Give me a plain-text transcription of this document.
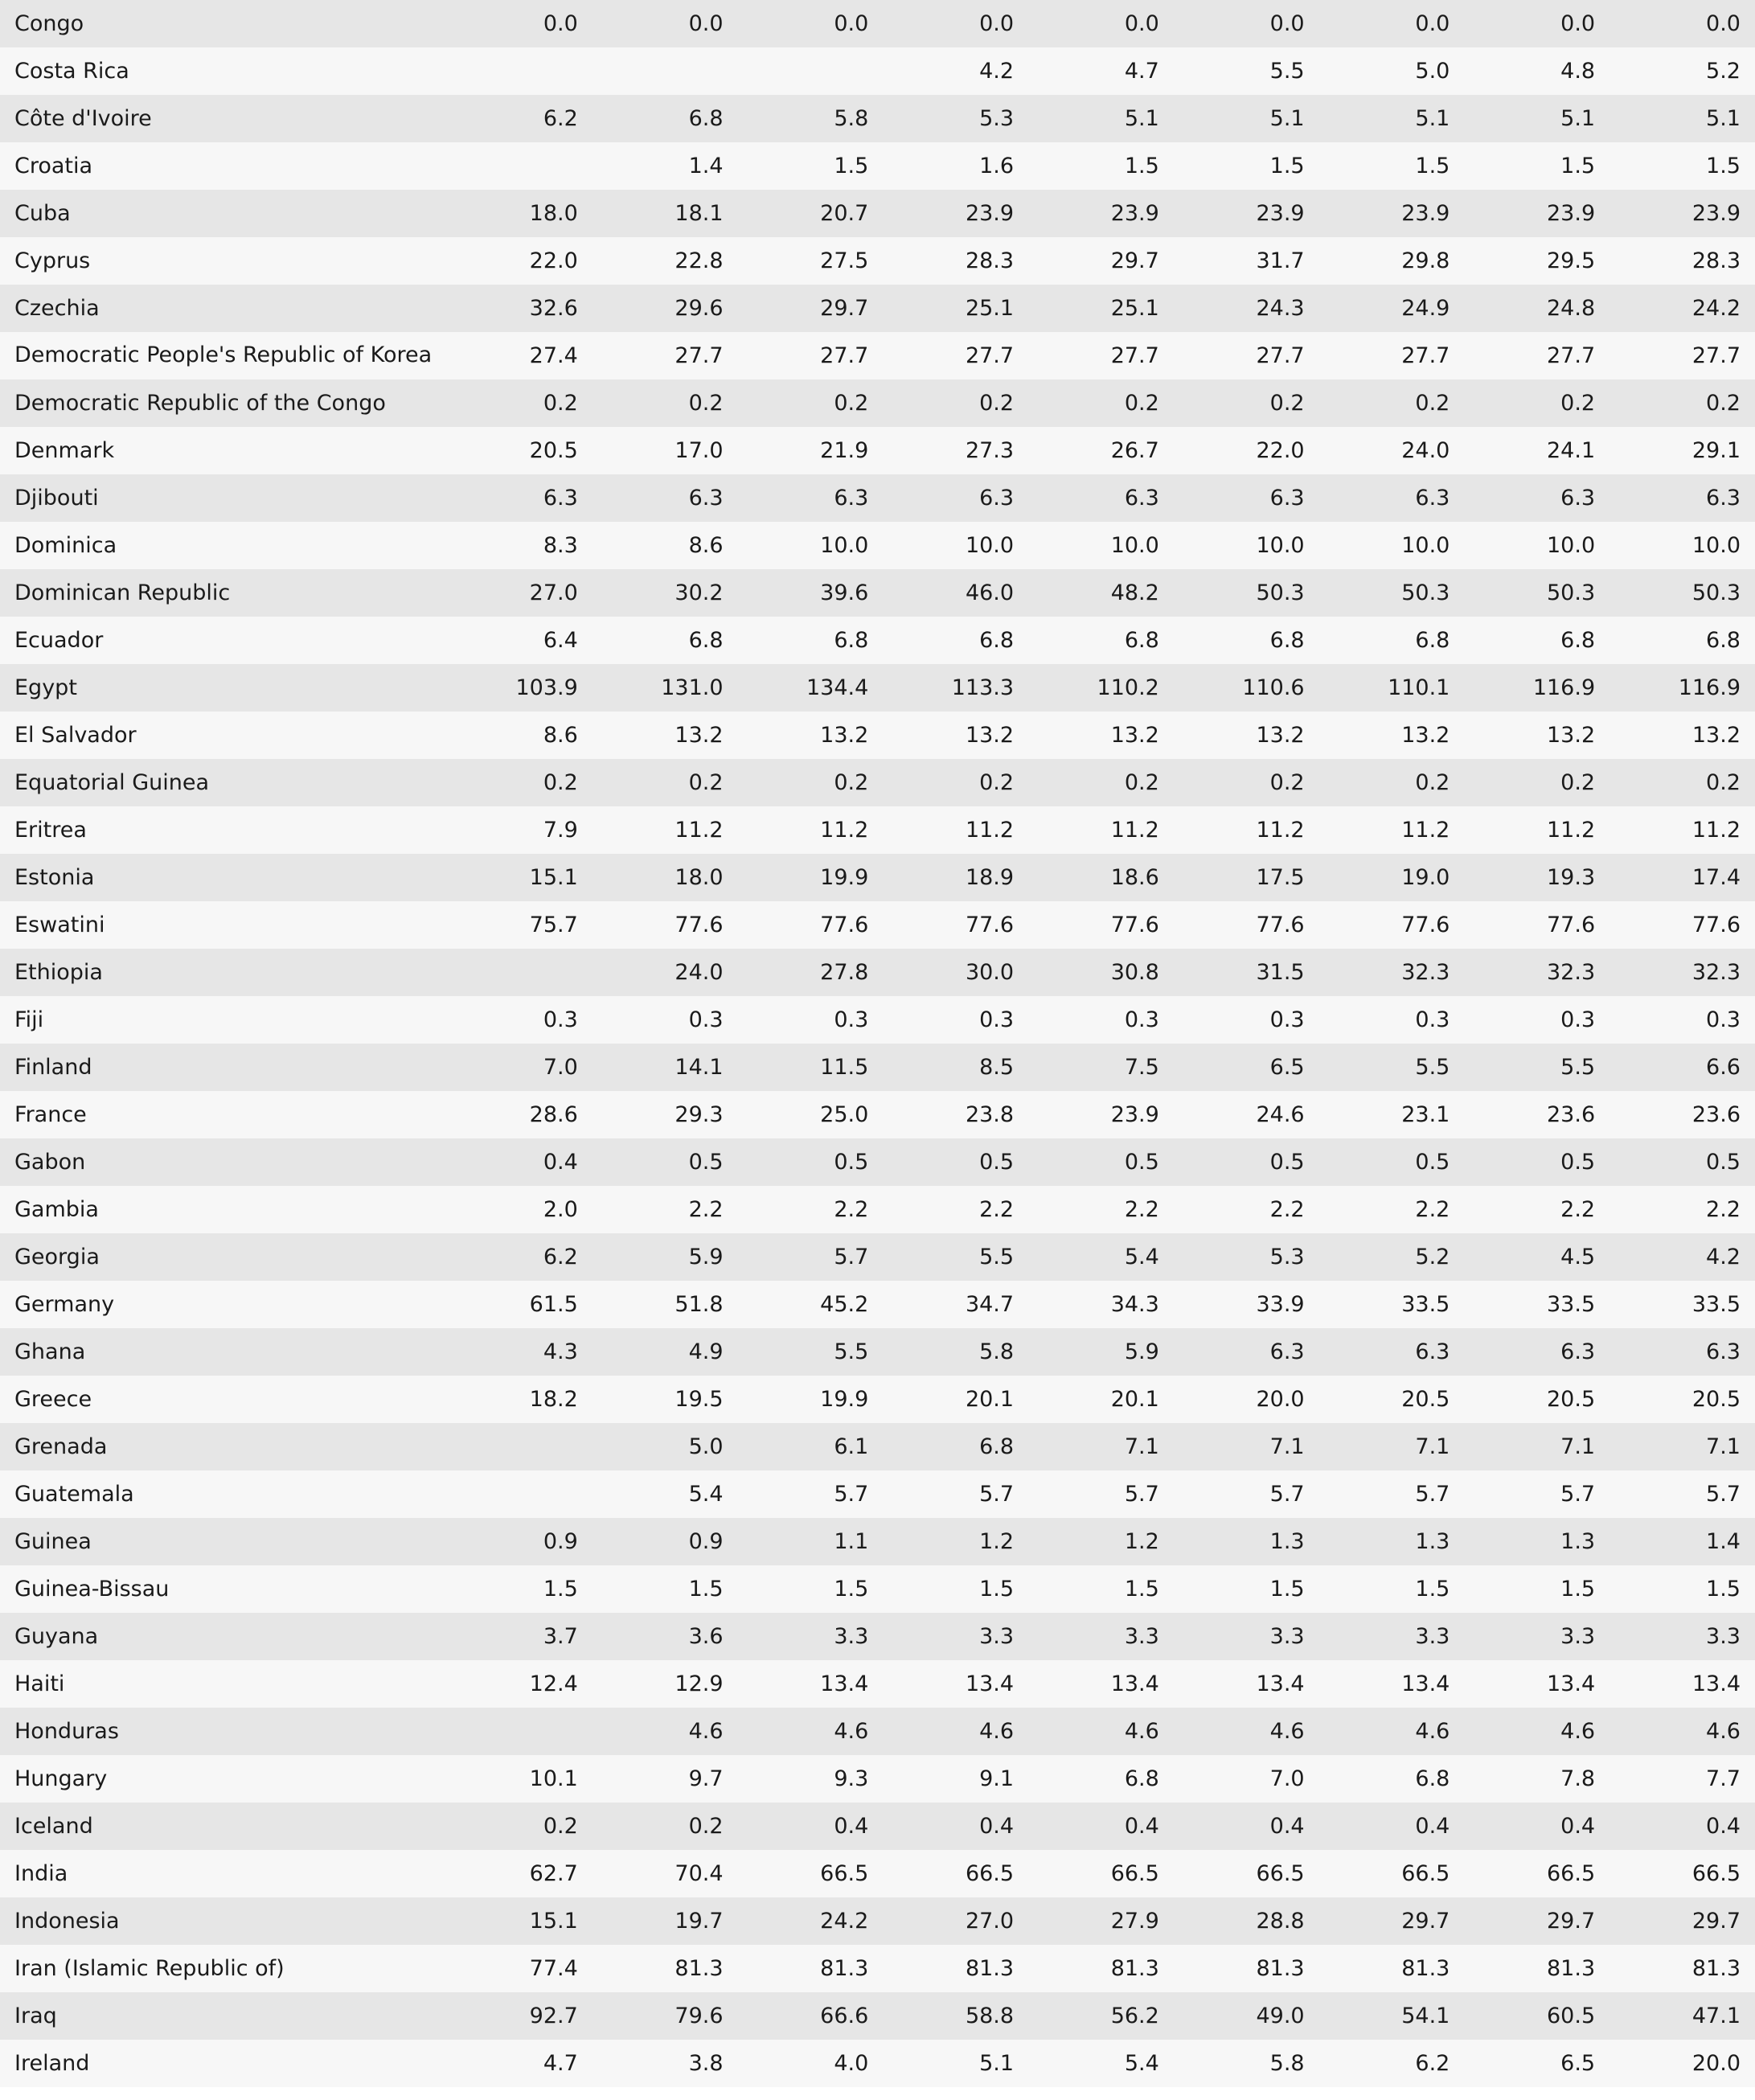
Congo	0.0	0.0	0.0	0.0	0.0	0.0	0.0	0.0	0.0
Costa Rica				4.2	4.7	5.5	5.0	4.8	5.2
Côte d'Ivoire	6.2	6.8	5.8	5.3	5.1	5.1	5.1	5.1	5.1
Croatia		1.4	1.5	1.6	1.5	1.5	1.5	1.5	1.5
Cuba	18.0	18.1	20.7	23.9	23.9	23.9	23.9	23.9	23.9
Cyprus	22.0	22.8	27.5	28.3	29.7	31.7	29.8	29.5	28.3
Czechia	32.6	29.6	29.7	25.1	25.1	24.3	24.9	24.8	24.2
Democratic People's Republic of Korea	27.4	27.7	27.7	27.7	27.7	27.7	27.7	27.7	27.7
Democratic Republic of the Congo	0.2	0.2	0.2	0.2	0.2	0.2	0.2	0.2	0.2
Denmark	20.5	17.0	21.9	27.3	26.7	22.0	24.0	24.1	29.1
Djibouti	6.3	6.3	6.3	6.3	6.3	6.3	6.3	6.3	6.3
Dominica	8.3	8.6	10.0	10.0	10.0	10.0	10.0	10.0	10.0
Dominican Republic	27.0	30.2	39.6	46.0	48.2	50.3	50.3	50.3	50.3
Ecuador	6.4	6.8	6.8	6.8	6.8	6.8	6.8	6.8	6.8
Egypt	103.9	131.0	134.4	113.3	110.2	110.6	110.1	116.9	116.9
El Salvador	8.6	13.2	13.2	13.2	13.2	13.2	13.2	13.2	13.2
Equatorial Guinea	0.2	0.2	0.2	0.2	0.2	0.2	0.2	0.2	0.2
Eritrea	7.9	11.2	11.2	11.2	11.2	11.2	11.2	11.2	11.2
Estonia	15.1	18.0	19.9	18.9	18.6	17.5	19.0	19.3	17.4
Eswatini	75.7	77.6	77.6	77.6	77.6	77.6	77.6	77.6	77.6
Ethiopia		24.0	27.8	30.0	30.8	31.5	32.3	32.3	32.3
Fiji	0.3	0.3	0.3	0.3	0.3	0.3	0.3	0.3	0.3
Finland	7.0	14.1	11.5	8.5	7.5	6.5	5.5	5.5	6.6
France	28.6	29.3	25.0	23.8	23.9	24.6	23.1	23.6	23.6
Gabon	0.4	0.5	0.5	0.5	0.5	0.5	0.5	0.5	0.5
Gambia	2.0	2.2	2.2	2.2	2.2	2.2	2.2	2.2	2.2
Georgia	6.2	5.9	5.7	5.5	5.4	5.3	5.2	4.5	4.2
Germany	61.5	51.8	45.2	34.7	34.3	33.9	33.5	33.5	33.5
Ghana	4.3	4.9	5.5	5.8	5.9	6.3	6.3	6.3	6.3
Greece	18.2	19.5	19.9	20.1	20.1	20.0	20.5	20.5	20.5
Grenada		5.0	6.1	6.8	7.1	7.1	7.1	7.1	7.1
Guatemala		5.4	5.7	5.7	5.7	5.7	5.7	5.7	5.7
Guinea	0.9	0.9	1.1	1.2	1.2	1.3	1.3	1.3	1.4
Guinea-Bissau	1.5	1.5	1.5	1.5	1.5	1.5	1.5	1.5	1.5
Guyana	3.7	3.6	3.3	3.3	3.3	3.3	3.3	3.3	3.3
Haiti	12.4	12.9	13.4	13.4	13.4	13.4	13.4	13.4	13.4
Honduras		4.6	4.6	4.6	4.6	4.6	4.6	4.6	4.6
Hungary	10.1	9.7	9.3	9.1	6.8	7.0	6.8	7.8	7.7
Iceland	0.2	0.2	0.4	0.4	0.4	0.4	0.4	0.4	0.4
India	62.7	70.4	66.5	66.5	66.5	66.5	66.5	66.5	66.5
Indonesia	15.1	19.7	24.2	27.0	27.9	28.8	29.7	29.7	29.7
Iran (Islamic Republic of)	77.4	81.3	81.3	81.3	81.3	81.3	81.3	81.3	81.3
Iraq	92.7	79.6	66.6	58.8	56.2	49.0	54.1	60.5	47.1
Ireland	4.7	3.8	4.0	5.1	5.4	5.8	6.2	6.5	20.0
